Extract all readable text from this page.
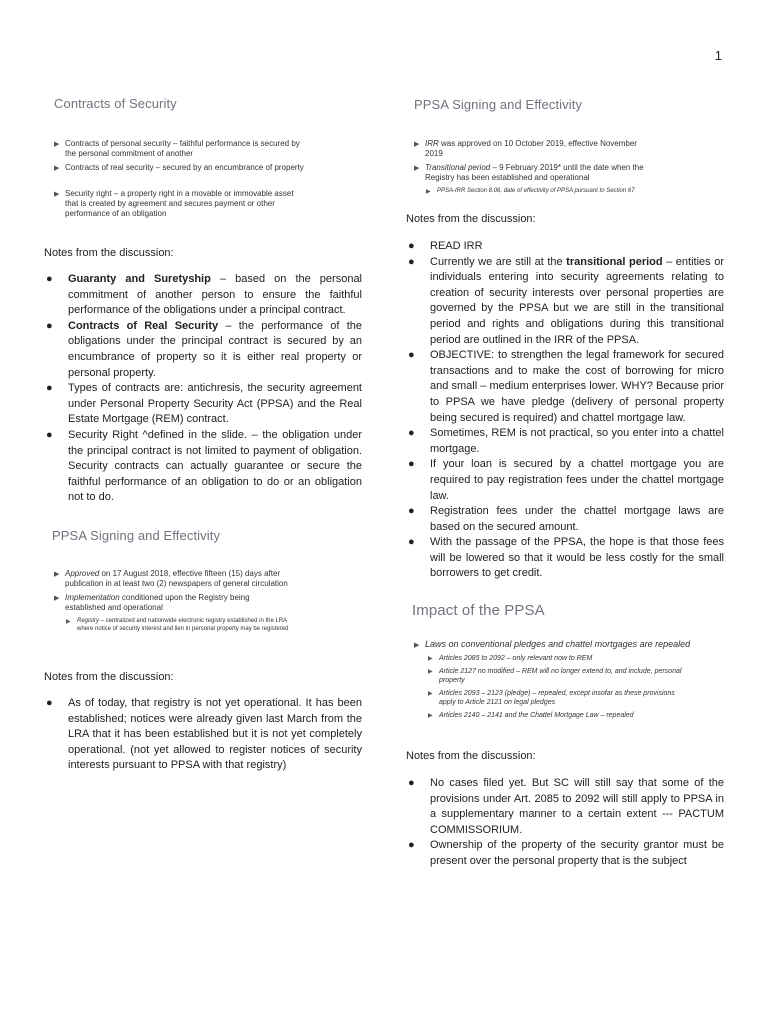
1
Contracts of Security
▶ Contracts of personal security – faithful performance is secured by the personal commitment of another
▶ Contracts of real security – secured by an encumbrance of property
▶ Security right – a property right in a movable or immovable asset that is created by agreement and secures payment or other performance of an obligation
Notes from the discussion:
● Guaranty and Suretyship – based on the personal commitment of another person to ensure the faithful performance of the obligations under a principal contract.
● Contracts of Real Security – the performance of the obligations under the principal contract is secured by an encumbrance of property so it is either real property or personal property.
● Types of contracts are: antichresis, the security agreement under Personal Property Security Act (PPSA) and the Real Estate Mortgage (REM) contract.
● Security Right ^defined in the slide. – the obligation under the principal contract is not limited to payment of obligation. Security contracts can actually guarantee or secure the faithful performance of an obligation to do or an obligation not to do.
PPSA Signing and Effectivity
▶ Approved on 17 August 2018, effective fifteen (15) days after publication in at least two (2) newspapers of general circulation
▶ Implementation conditioned upon the Registry being established and operational
▶ Registry – centralized and nationwide electronic registry established in the LRA where notice of security interest and lien in personal property may be registered
Notes from the discussion:
● As of today, that registry is not yet operational. It has been established; notices were already given last March from the LRA that it has been established but it is not yet completely operational. (not yet allowed to register notices of security interests pursuant to PPSA with that registry)
PPSA Signing and Effectivity
▶ IRR was approved on 10 October 2019, effective November 2019
▶ Transitional period – 9 February 2019* until the date when the Registry has been established and operational
▶ PPSA-IRR Section 8.06, date of effectivity of PPSA pursuant to Section 67
Notes from the discussion:
● READ IRR
● Currently we are still at the transitional period – entities or individuals entering into security agreements relating to creation of security interests over personal properties are governed by the PPSA but we are still in the transitional period and rights and obligations during this transitional period are outlined in the IRR of the PPSA.
● OBJECTIVE: to strengthen the legal framework for secured transactions and to make the cost of borrowing for micro and small – medium enterprises lower. WHY? Because prior to PPSA we have pledge (delivery of personal property being secured is required) and chattel mortgage law.
● Sometimes, REM is not practical, so you enter into a chattel mortgage.
● If your loan is secured by a chattel mortgage you are required to pay registration fees under the chattel mortgage law.
● Registration fees under the chattel mortgage laws are based on the secured amount.
● With the passage of the PPSA, the hope is that those fees will be lowered so that it would be less costly for the small borrowers to get credit.
Impact of the PPSA
▶ Laws on conventional pledges and chattel mortgages are repealed
▶ Articles 2085 to 2092 – only relevant now to REM
▶ Article 2127 no modified – REM will no longer extend to, and include, personal property
▶ Articles 2093 – 2123 (pledge) – repealed, except insofar as these provisions apply to Article 2121 on legal pledges
▶ Articles 2140 – 2141 and the Chattel Mortgage Law – repealed
Notes from the discussion:
● No cases filed yet. But SC will still say that some of the provisions under Art. 2085 to 2092 will still apply to PPSA in a supplementary manner to a certain extent --- PACTUM COMMISSORIUM.
● Ownership of the property of the security grantor must be present over the personal property that is the subject
